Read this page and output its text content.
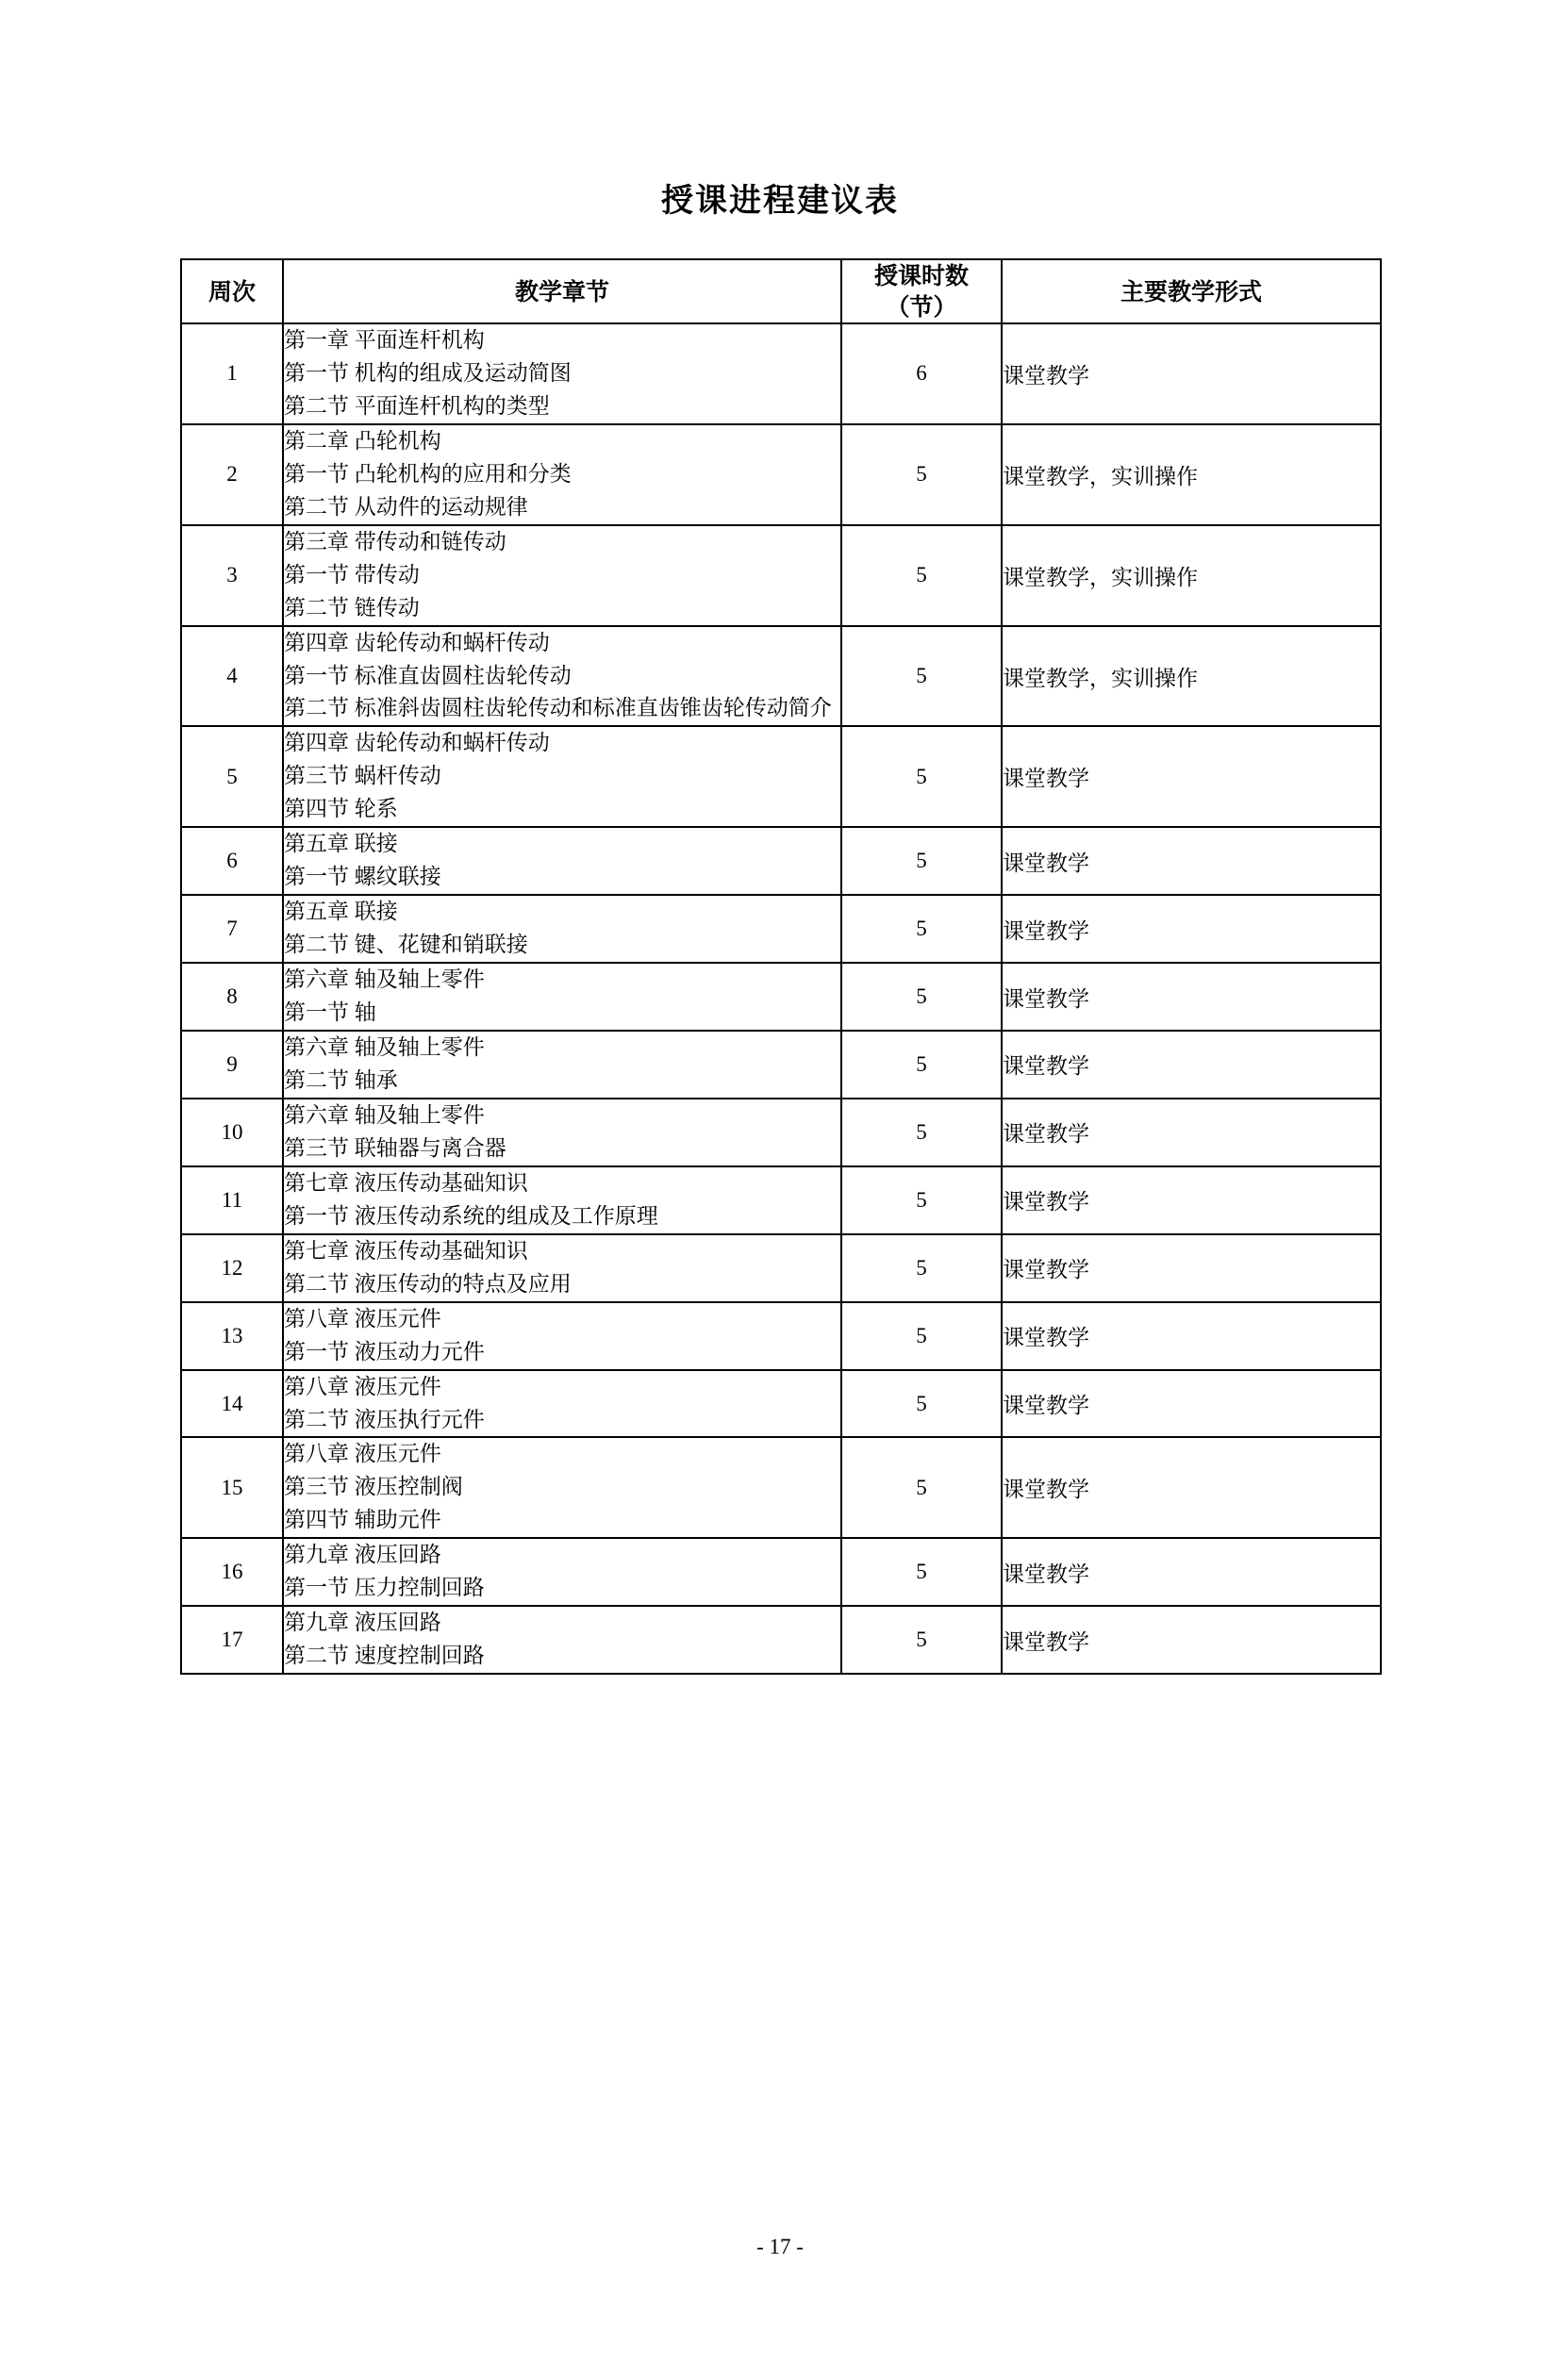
授课进程建议表
周次	教学章节	授课时数 （节）	主要教学形式
1	第一章 平面连杆机构
第一节 机构的组成及运动简图
第二节 平面连杆机构的类型	6	课堂教学
2	第二章 凸轮机构
第一节 凸轮机构的应用和分类
第二节 从动件的运动规律	5	课堂教学，实训操作
3	第三章 带传动和链传动
第一节 带传动
第二节 链传动	5	课堂教学，实训操作
4	第四章 齿轮传动和蜗杆传动
第一节 标准直齿圆柱齿轮传动
第二节 标准斜齿圆柱齿轮传动和标准直齿锥齿轮传动简介	5	课堂教学，实训操作
5	第四章 齿轮传动和蜗杆传动
第三节 蜗杆传动
第四节 轮系	5	课堂教学
6	第五章 联接
第一节 螺纹联接	5	课堂教学
7	第五章 联接
第二节 键、花键和销联接	5	课堂教学
8	第六章 轴及轴上零件
第一节 轴	5	课堂教学
9	第六章 轴及轴上零件
第二节 轴承	5	课堂教学
10	第六章 轴及轴上零件
第三节 联轴器与离合器	5	课堂教学
11	第七章 液压传动基础知识
第一节 液压传动系统的组成及工作原理	5	课堂教学
12	第七章 液压传动基础知识
第二节 液压传动的特点及应用	5	课堂教学
13	第八章 液压元件
第一节 液压动力元件	5	课堂教学
14	第八章 液压元件
第二节 液压执行元件	5	课堂教学
15	第八章 液压元件
第三节 液压控制阀
第四节 辅助元件	5	课堂教学
16	第九章 液压回路
第一节 压力控制回路	5	课堂教学
17	第九章 液压回路
第二节 速度控制回路	5	课堂教学
- 17 -
